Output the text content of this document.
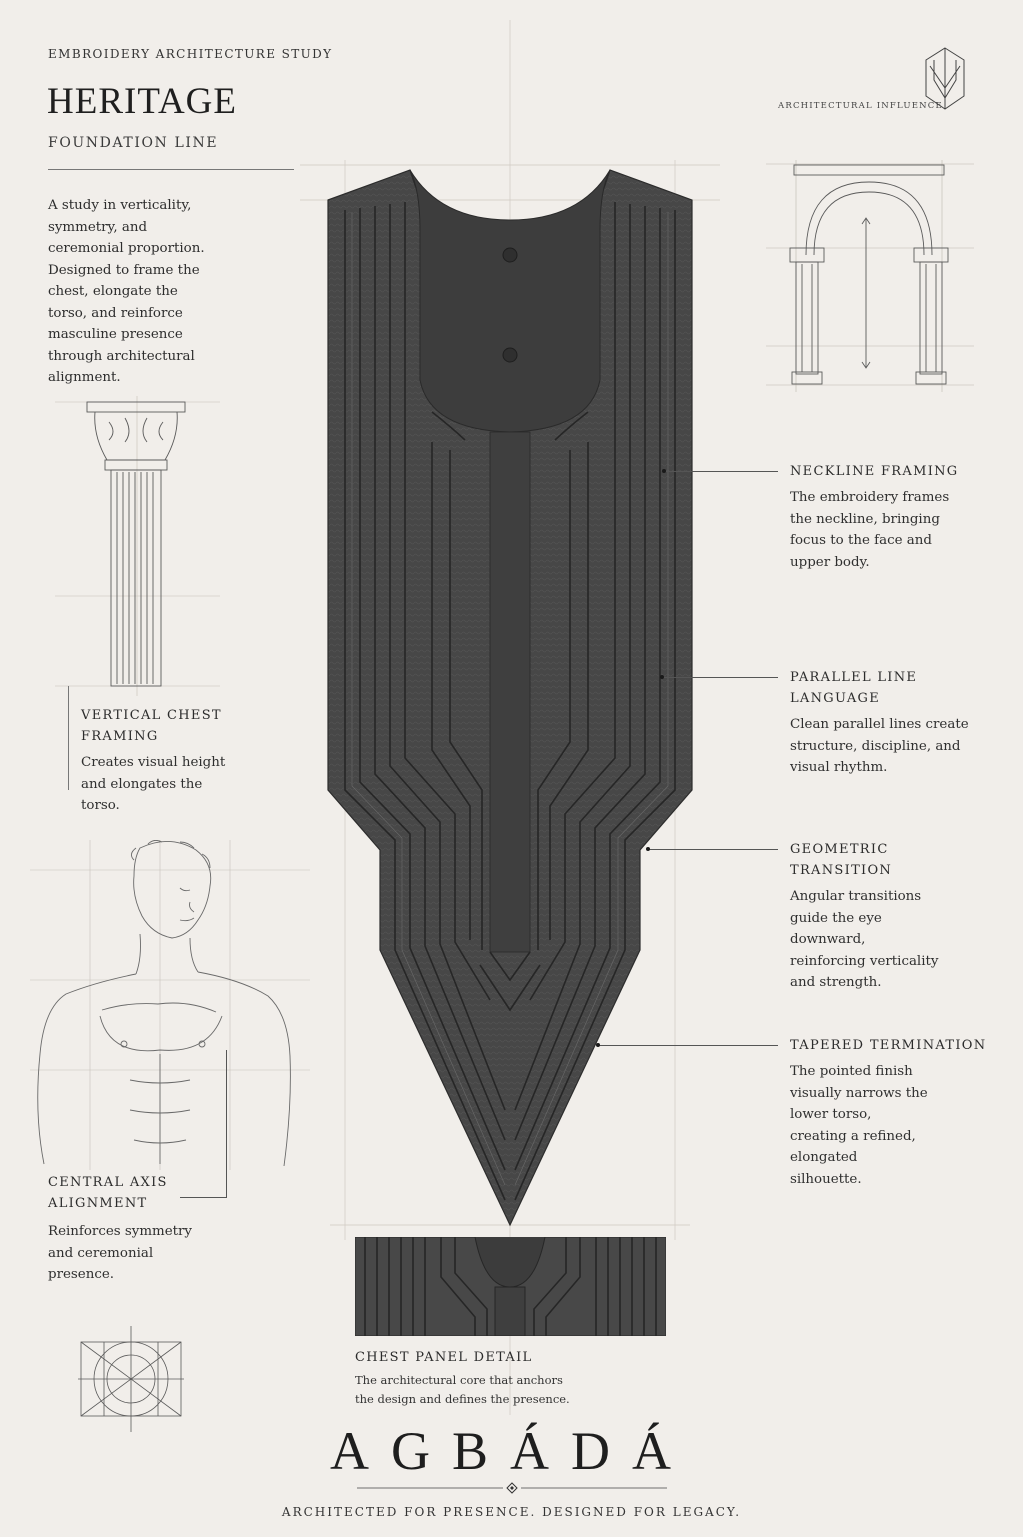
EMBROIDERY ARCHITECTURE STUDY
HERITAGE
FOUNDATION LINE
A study in verticality, symmetry, and ceremonial proportion. Designed to frame the chest, elongate the torso, and reinforce masculine presence through architectural alignment.
ARCHITECTURAL INFLUENCE
VERTICAL CHEST FRAMING
Creates visual height and elongates the torso.
CENTRAL AXIS ALIGNMENT
Reinforces symmetry and ceremonial presence.
NECKLINE FRAMING
The embroidery frames the neckline, bringing focus to the face and upper body.
PARALLEL LINE LANGUAGE
Clean parallel lines create structure, discipline, and visual rhythm.
GEOMETRIC TRANSITION
Angular transitions guide the eye downward, reinforcing verticality and strength.
TAPERED TERMINATION
The pointed finish visually narrows the lower torso, creating a refined, elongated silhouette.
CHEST PANEL DETAIL
The architectural core that anchors the design and defines the presence.
AGBÁDÁ
ARCHITECTED FOR PRESENCE. DESIGNED FOR LEGACY.
